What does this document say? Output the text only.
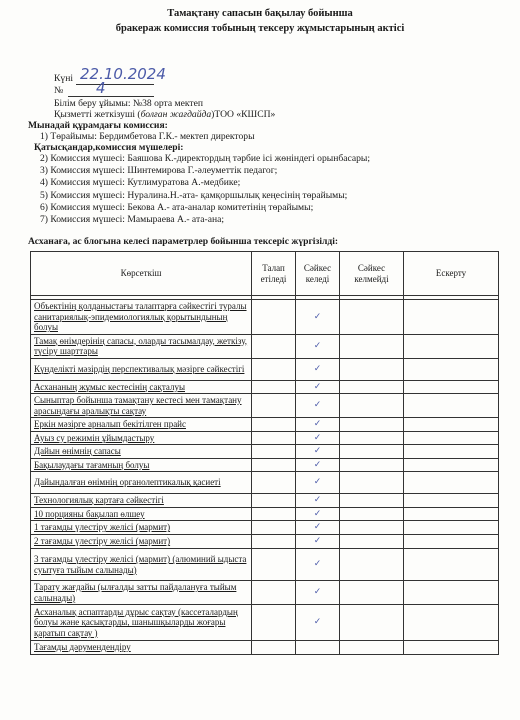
Тамақтану сапасын бақылау бойынша
бракераж комиссия тобының тексеру жұмыстарының актісі
Күні 22.10.2024
№ 4
Білім беру ұйымы: №38 орта мектеп
Қызметті жеткізуші (болған жағдайда)ТОО «КШСП»
Мынадай құрамдағы комиссия:
1) Төрайымы: Бердимбетова Г.К.- мектеп директоры
Қатысқандар,комиссия мүшелері:
2) Комиссия мүшесі: Баяшова К.-директордың тәрбие ісі жөніндегі орынбасары;
3) Комиссия мүшесі: Шинтемирова Г.-әлеуметтік педагог;
4) Комиссия мүшесі: Кутлимуратова А.-медбике;
5) Комиссия мүшесі: Нуралина.Н.-ата- қамқоршылық кеңесінің төрайымы;
6) Комиссия мүшесі: Бекова А.- ата-аналар комитетінің төрайымы;
7) Комиссия мүшесі: Мамыраева А.- ата-ана;
Асханаға, ас блогына келесі параметрлер бойынша тексеріс жүргізілді:
Көрсеткіш	Талап етіледі	Сәйкес келеді	Сәйкес келмейді	Ескерту

Объектінің қолданыстағы талаптарға сәйкестігі туралы санитариялық-эпидемиологиялық қорытындының болуы		✓		
Тамақ өнімдерінің сапасы, оларды тасымалдау, жеткізу, түсіру шарттары		✓		
Күнделікті мәзірдің перспективалық мәзірге сәйкестігі		✓		
Асхананың жұмыс кестесінің сақталуы		✓		
Сыныптар бойынша тамақтану кестесі мен тамақтану арасындағы аралықты сақтау		✓		
Еркін мәзірге арналып бекітілген прайс		✓		
Ауыз су режимін ұйымдастыру		✓		
Дайын өнімнің сапасы		✓		
Бақылаудағы тағамның болуы		✓		
Дайындалған өнімнің органолептикалық қасиеті		✓		
Технологиялық картаға сәйкестігі		✓		
10 порцияны бақылап өлшеу		✓		
1 тағамды үлестіру желісі (мармит)		✓		
2 тағамды үлестіру желісі (мармит)		✓		
3 тағамды үлестіру желісі (мармит) (алюминий ыдыста суытуға тыйым салынады)		✓		
Тарату жағдайы (ылғалды затты пайдалануға тыйым салынады)		✓		
Асханалық аспаптарды дұрыс сақтау (кассеталардың болуы және қасықтарды, шанышқыларды жоғары қаратып сақтау )		✓		
Тағамды дәрумендендіру				
